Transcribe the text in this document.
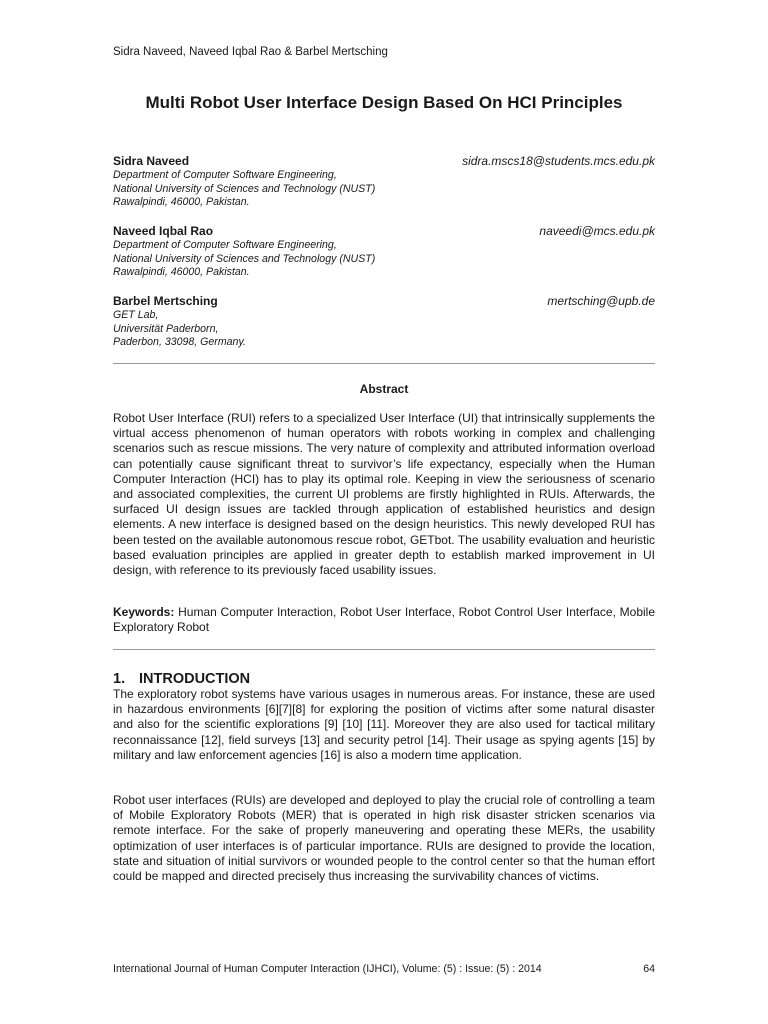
Sidra Naveed, Naveed Iqbal Rao & Barbel Mertsching
Multi Robot User Interface Design Based On HCI Principles
Sidra Naveed	sidra.mscs18@students.mcs.edu.pk
Department of Computer Software Engineering,
National University of Sciences and Technology (NUST)
Rawalpindi, 46000, Pakistan.
Naveed Iqbal Rao	naveedi@mcs.edu.pk
Department of Computer Software Engineering,
National University of Sciences and Technology (NUST)
Rawalpindi, 46000, Pakistan.
Barbel Mertsching	mertsching@upb.de
GET Lab,
Universität Paderborn,
Paderbon, 33098, Germany.
Abstract

Robot User Interface (RUI) refers to a specialized User Interface (UI) that intrinsically supplements the virtual access phenomenon of human operators with robots working in complex and challenging scenarios such as rescue missions. The very nature of complexity and attributed information overload can potentially cause significant threat to survivor’s life expectancy, especially when the Human Computer Interaction (HCI) has to play its optimal role. Keeping in view the seriousness of scenario and associated complexities, the current UI problems are firstly highlighted in RUIs. Afterwards, the surfaced UI design issues are tackled through application of established heuristics and design elements. A new interface is designed based on the design heuristics. This newly developed RUI has been tested on the available autonomous rescue robot, GETbot. The usability evaluation and heuristic based evaluation principles are applied in greater depth to establish marked improvement in UI design, with reference to its previously faced usability issues.

Keywords: Human Computer Interaction, Robot User Interface, Robot Control User Interface, Mobile Exploratory Robot

1. INTRODUCTION

The exploratory robot systems have various usages in numerous areas. For instance, these are used in hazardous environments [6][7][8] for exploring the position of victims after some natural disaster and also for the scientific explorations [9] [10] [11]. Moreover they are also used for tactical military reconnaissance [12], field surveys [13] and security petrol [14]. Their usage as spying agents [15] by military and law enforcement agencies [16] is also a modern time application.

Robot user interfaces (RUIs) are developed and deployed to play the crucial role of controlling a team of Mobile Exploratory Robots (MER) that is operated in high risk disaster stricken scenarios via remote interface. For the sake of properly maneuvering and operating these MERs, the usability optimization of user interfaces is of particular importance. RUIs are designed to provide the location, state and situation of initial survivors or wounded people to the control center so that the human effort could be mapped and directed precisely thus increasing the survivability chances of victims.

International Journal of Human Computer Interaction (IJHCI), Volume: (5) : Issue: (5) : 2014	64
